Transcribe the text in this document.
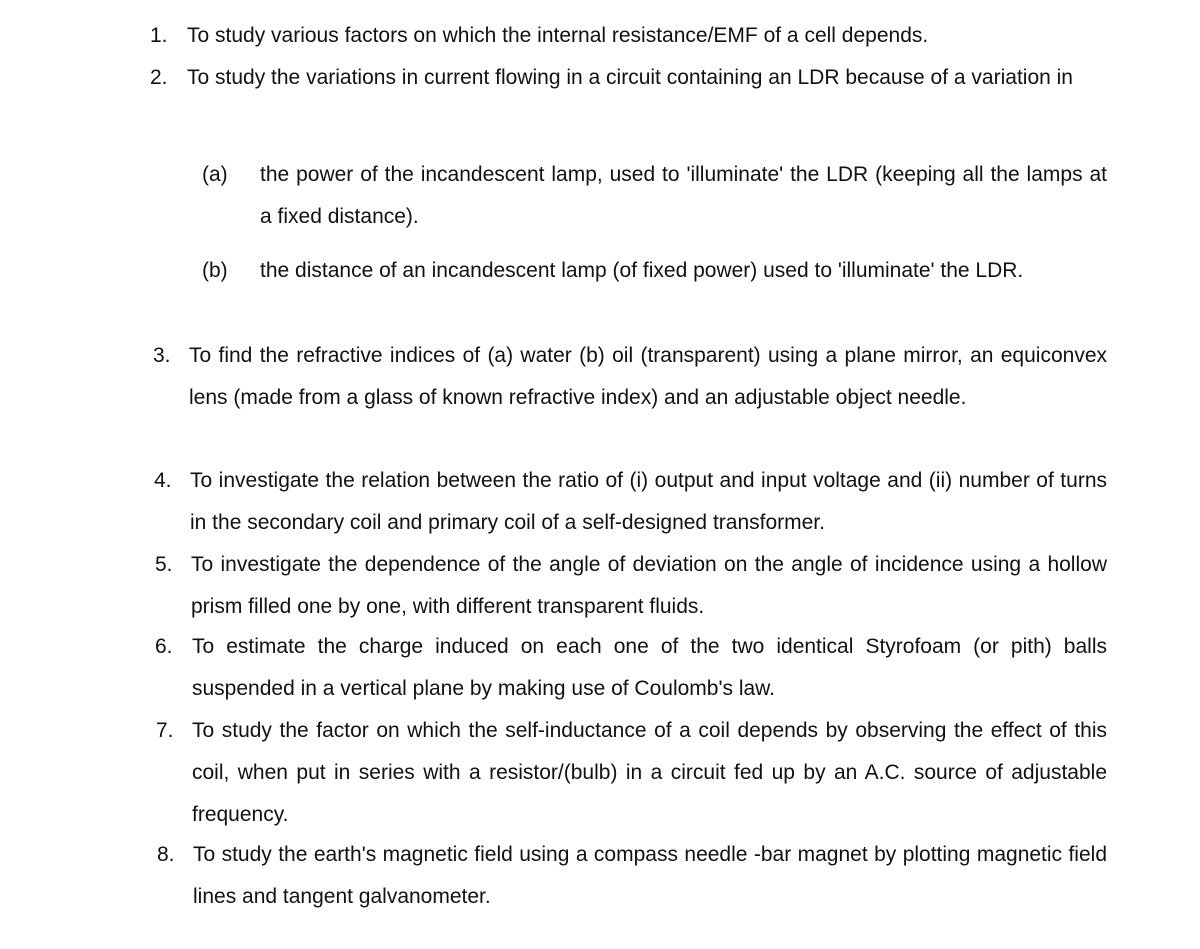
1. To study various factors on which the internal resistance/EMF of a cell depends.
2. To study the variations in current flowing in a circuit containing an LDR because of a variation in
(a) the power of the incandescent lamp, used to 'illuminate' the LDR (keeping all the lamps at a fixed distance).
(b) the distance of an incandescent lamp (of fixed power) used to 'illuminate' the LDR.
3. To find the refractive indices of (a) water (b) oil (transparent) using a plane mirror, an equiconvex lens (made from a glass of known refractive index) and an adjustable object needle.
4. To investigate the relation between the ratio of (i) output and input voltage and (ii) number of turns in the secondary coil and primary coil of a self-designed transformer.
5. To investigate the dependence of the angle of deviation on the angle of incidence using a hollow prism filled one by one, with different transparent fluids.
6. To estimate the charge induced on each one of the two identical Styrofoam (or pith) balls suspended in a vertical plane by making use of Coulomb's law.
7. To study the factor on which the self-inductance of a coil depends by observing the effect of this coil, when put in series with a resistor/(bulb) in a circuit fed up by an A.C. source of adjustable frequency.
8. To study the earth's magnetic field using a compass needle -bar magnet by plotting magnetic field lines and tangent galvanometer.
